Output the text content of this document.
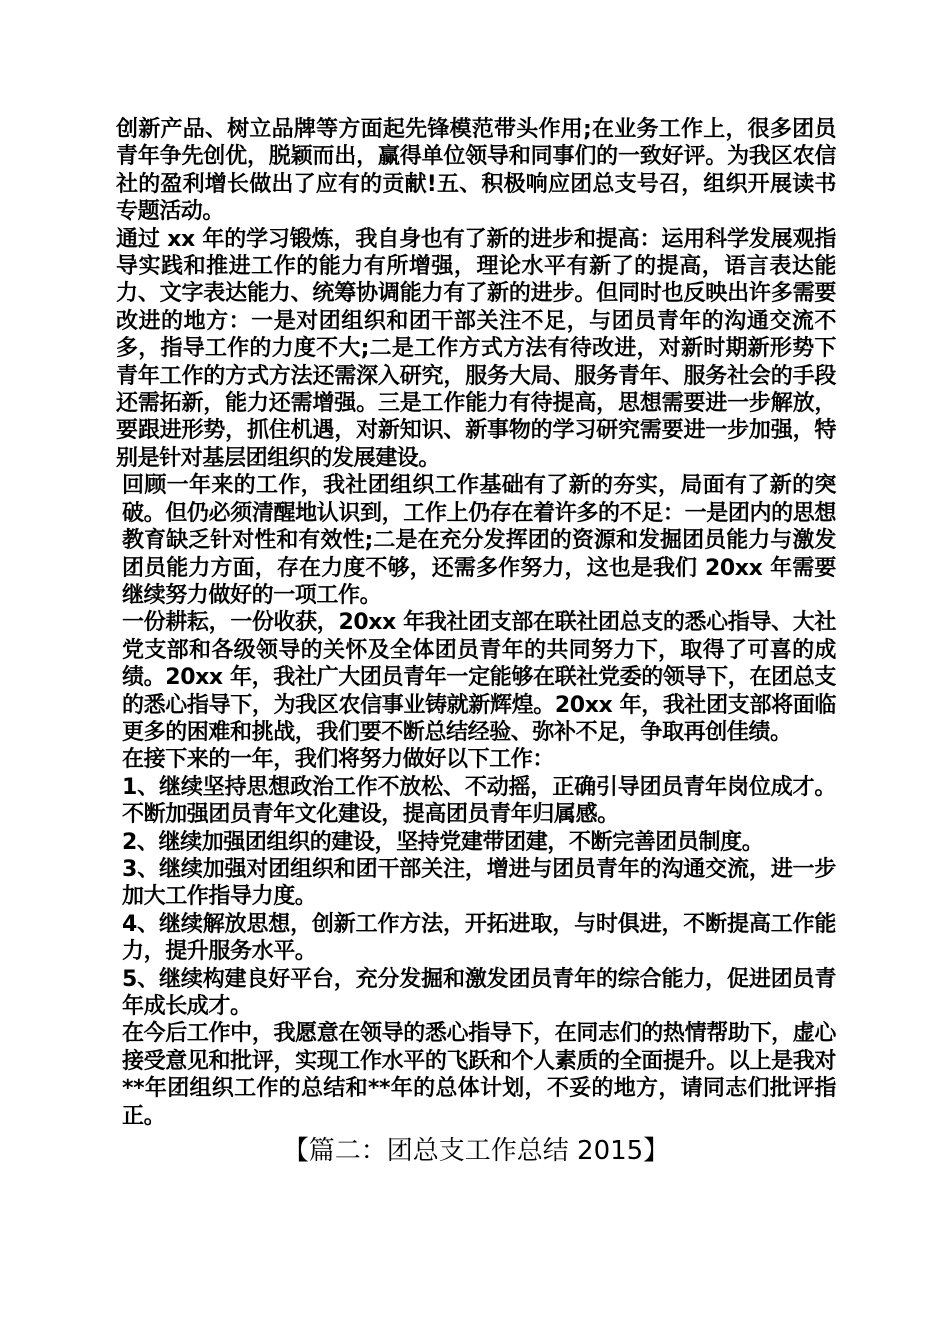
创新产品、树立品牌等方面起先锋模范带头作用;在业务工作上，很多团员青年争先创优，脱颖而出，赢得单位领导和同事们的一致好评。为我区农信社的盈利增长做出了应有的贡献!五、积极响应团总支号召，组织开展读书专题活动。

通过 xx 年的学习锻炼，我自身也有了新的进步和提高：运用科学发展观指导实践和推进工作的能力有所增强，理论水平有新了的提高，语言表达能力、文字表达能力、统筹协调能力有了新的进步。但同时也反映出许多需要改进的地方：一是对团组织和团干部关注不足，与团员青年的沟通交流不多，指导工作的力度不大;二是工作方式方法有待改进，对新时期新形势下青年工作的方式方法还需深入研究，服务大局、服务青年、服务社会的手段还需拓新，能力还需增强。三是工作能力有待提高，思想需要进一步解放，要跟进形势，抓住机遇，对新知识、新事物的学习研究需要进一步加强，特别是针对基层团组织的发展建设。

回顾一年来的工作，我社团组织工作基础有了新的夯实，局面有了新的突破。但仍必须清醒地认识到，工作上仍存在着许多的不足：一是团内的思想教育缺乏针对性和有效性;二是在充分发挥团的资源和发掘团员能力与激发团员能力方面，存在力度不够，还需多作努力，这也是我们 20xx 年需要继续努力做好的一项工作。

一份耕耘，一份收获，20xx 年我社团支部在联社团总支的悉心指导、大社党支部和各级领导的关怀及全体团员青年的共同努力下，取得了可喜的成绩。20xx 年，我社广大团员青年一定能够在联社党委的领导下，在团总支的悉心指导下，为我区农信事业铸就新辉煌。20xx 年，我社团支部将面临更多的困难和挑战，我们要不断总结经验、弥补不足，争取再创佳绩。

在接下来的一年，我们将努力做好以下工作：

1、继续坚持思想政治工作不放松、不动摇，正确引导团员青年岗位成才。不断加强团员青年文化建设，提高团员青年归属感。

2、继续加强团组织的建设，坚持党建带团建，不断完善团员制度。

3、继续加强对团组织和团干部关注，增进与团员青年的沟通交流，进一步加大工作指导力度。

4、继续解放思想，创新工作方法，开拓进取，与时俱进，不断提高工作能力，提升服务水平。

5、继续构建良好平台，充分发掘和激发团员青年的综合能力，促进团员青年成长成才。

在今后工作中，我愿意在领导的悉心指导下，在同志们的热情帮助下，虚心接受意见和批评，实现工作水平的飞跃和个人素质的全面提升。以上是我对**年团组织工作的总结和**年的总体计划，不妥的地方，请同志们批评指正。

【篇二：团总支工作总结 2015】
